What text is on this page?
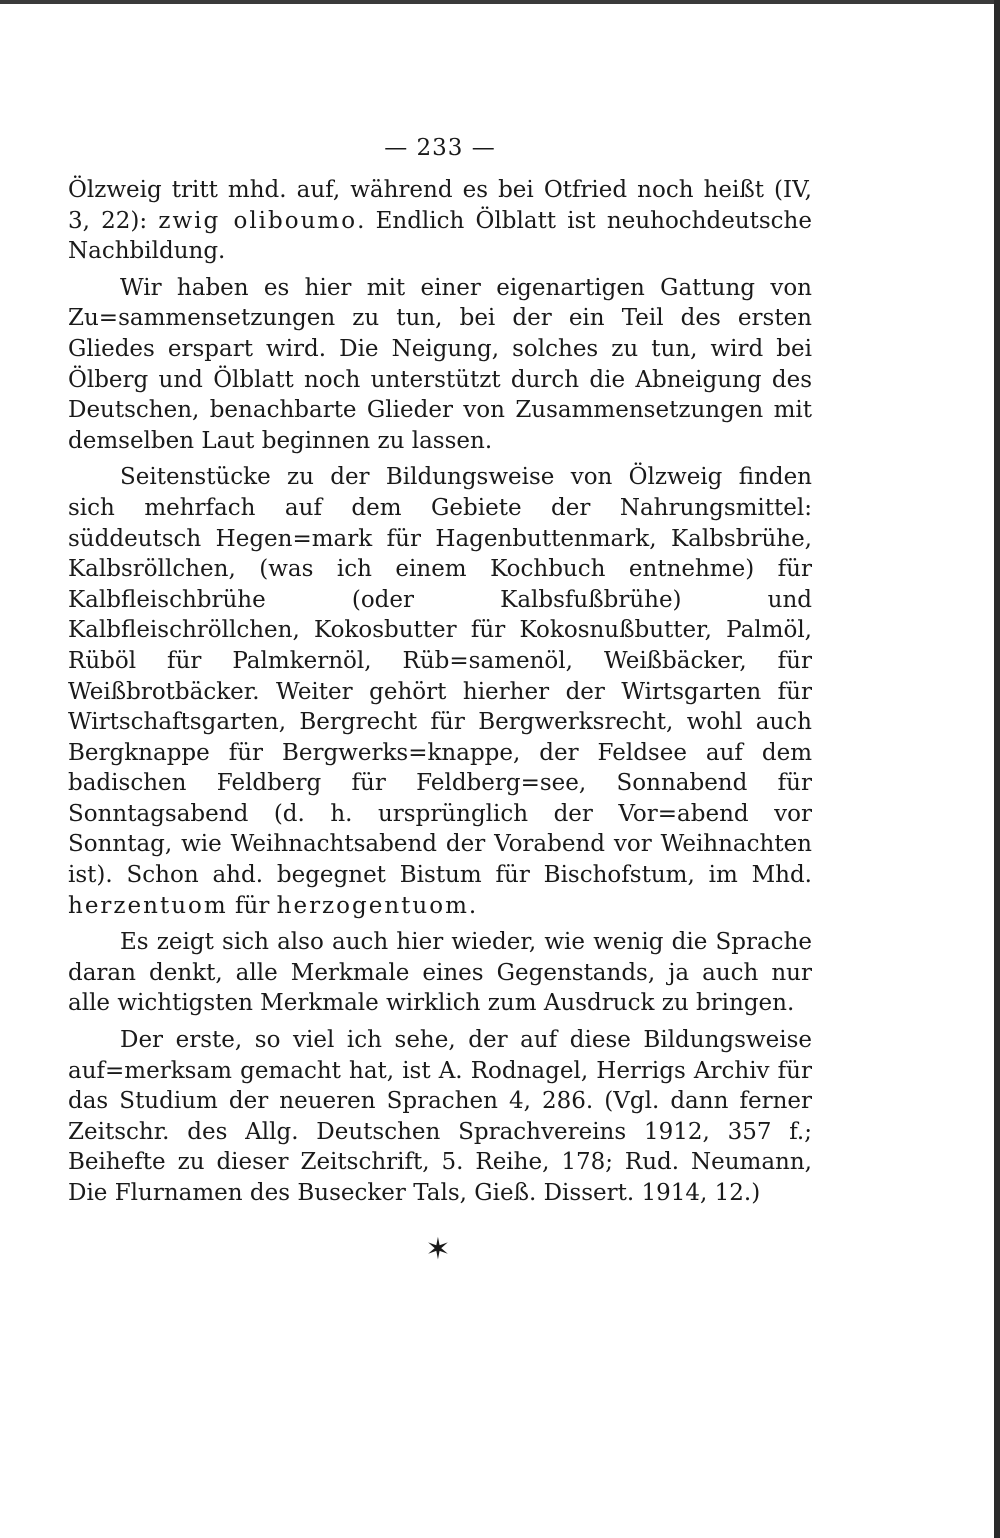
— 233 —

Ölzweig tritt mhd. auf, während es bei Otfried noch heißt (IV, 3, 22): zwig oliboumo. Endlich Ölblatt ist neuhochdeutsche Nachbildung.

Wir haben es hier mit einer eigenartigen Gattung von Zu=sammensetzungen zu tun, bei der ein Teil des ersten Gliedes erspart wird. Die Neigung, solches zu tun, wird bei Ölberg und Ölblatt noch unterstützt durch die Abneigung des Deutschen, benachbarte Glieder von Zusammensetzungen mit demselben Laut beginnen zu lassen.

Seitenstücke zu der Bildungsweise von Ölzweig finden sich mehrfach auf dem Gebiete der Nahrungsmittel: süddeutsch Hegen=mark für Hagenbuttenmark, Kalbsbrühe, Kalbsröllchen, (was ich einem Kochbuch entnehme) für Kalbfleischbrühe (oder Kalbsfußbrühe) und Kalbfleischröllchen, Kokosbutter für Kokosnußbutter, Palmöl, Rüböl für Palmkernöl, Rüb=samenöl, Weißbäcker, für Weißbrotbäcker. Weiter gehört hierher der Wirtsgarten für Wirtschaftsgarten, Bergrecht für Bergwerksrecht, wohl auch Bergknappe für Bergwerks=knappe, der Feldsee auf dem badischen Feldberg für Feldberg=see, Sonnabend für Sonntagsabend (d. h. ursprünglich der Vor=abend vor Sonntag, wie Weihnachtsabend der Vorabend vor Weihnachten ist). Schon ahd. begegnet Bistum für Bischofstum, im Mhd. herzentuom für herzogentuom.

Es zeigt sich also auch hier wieder, wie wenig die Sprache daran denkt, alle Merkmale eines Gegenstands, ja auch nur alle wichtigsten Merkmale wirklich zum Ausdruck zu bringen.

Der erste, so viel ich sehe, der auf diese Bildungsweise auf=merksam gemacht hat, ist A. Rodnagel, Herrigs Archiv für das Studium der neueren Sprachen 4, 286. (Vgl. dann ferner Zeitschr. des Allg. Deutschen Sprachvereins 1912, 357 f.; Beihefte zu dieser Zeitschrift, 5. Reihe, 178; Rud. Neumann, Die Flurnamen des Busecker Tals, Gieß. Dissert. 1914, 12.)

✶
